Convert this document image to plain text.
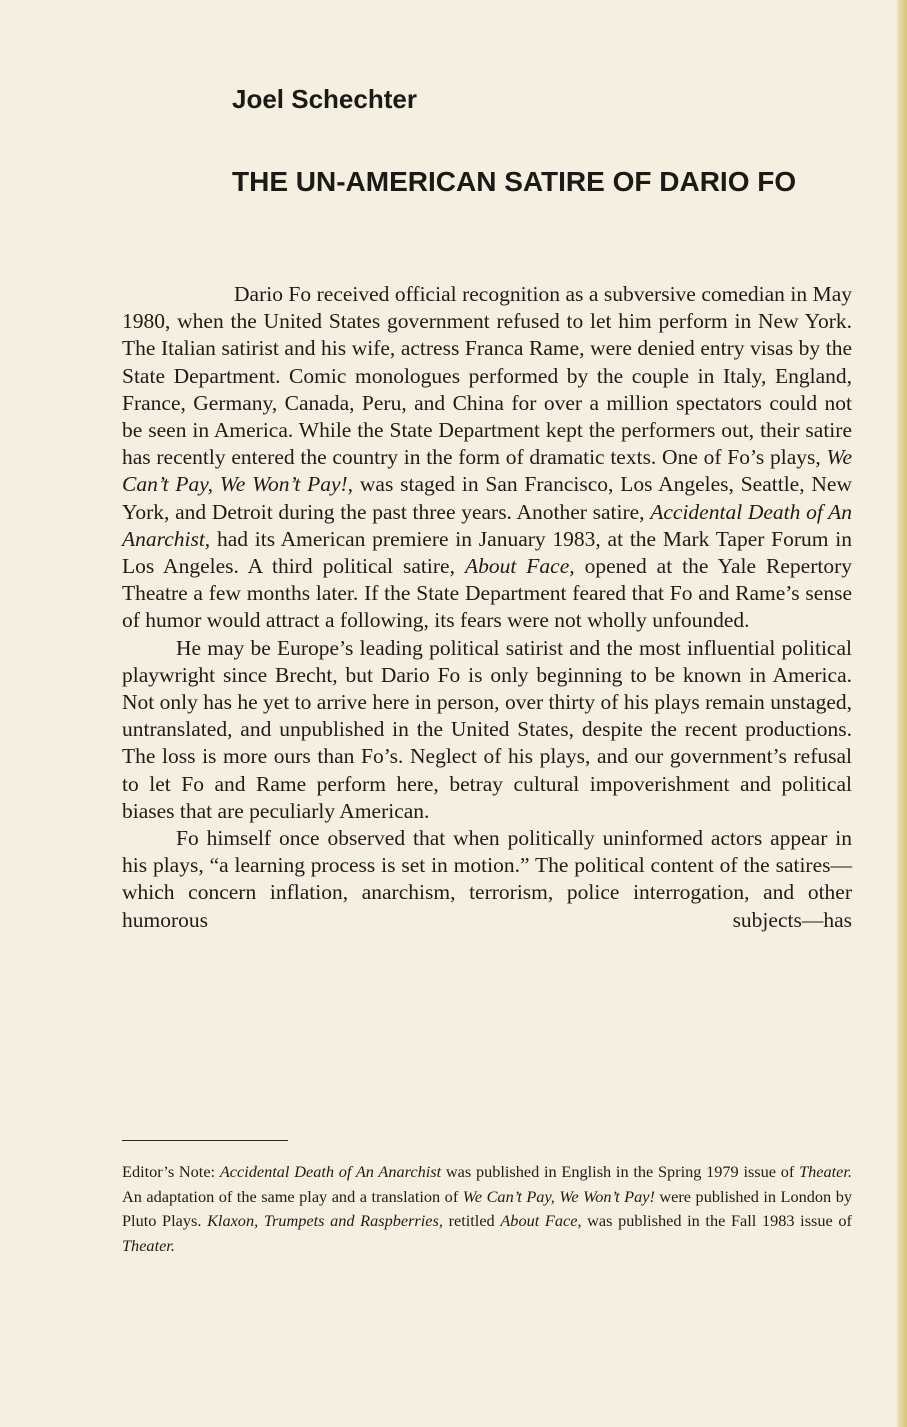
Joel Schechter
THE UN-AMERICAN SATIRE OF DARIO FO

Dario Fo received official recognition as a subversive comedian in May 1980, when the United States government refused to let him perform in New York. The Italian satirist and his wife, actress Franca Rame, were denied entry visas by the State Department. Comic monologues performed by the couple in Italy, England, France, Germany, Canada, Peru, and China for over a million spectators could not be seen in America. While the State Department kept the performers out, their satire has recently entered the country in the form of dramatic texts. One of Fo’s plays, We Can’t Pay, We Won’t Pay!, was staged in San Francisco, Los Angeles, Seattle, New York, and Detroit during the past three years. Another satire, Accidental Death of An Anarchist, had its American premiere in January 1983, at the Mark Taper Forum in Los Angeles. A third political satire, About Face, opened at the Yale Repertory Theatre a few months later. If the State Department feared that Fo and Rame’s sense of humor would attract a following, its fears were not wholly unfounded.

He may be Europe’s leading political satirist and the most influential political playwright since Brecht, but Dario Fo is only beginning to be known in America. Not only has he yet to arrive here in person, over thirty of his plays remain unstaged, untranslated, and unpublished in the United States, despite the recent productions. The loss is more ours than Fo’s. Neglect of his plays, and our government’s refusal to let Fo and Rame perform here, betray cultural impoverishment and political biases that are peculiarly American.

Fo himself once observed that when politically uninformed actors appear in his plays, “a learning process is set in motion.” The political content of the satires—which concern inflation, anarchism, terrorism, police interrogation, and other humorous subjects—has

Editor’s Note: Accidental Death of An Anarchist was published in English in the Spring 1979 issue of Theater. An adaptation of the same play and a translation of We Can’t Pay, We Won’t Pay! were published in London by Pluto Plays. Klaxon, Trumpets and Raspberries, retitled About Face, was published in the Fall 1983 issue of Theater.
